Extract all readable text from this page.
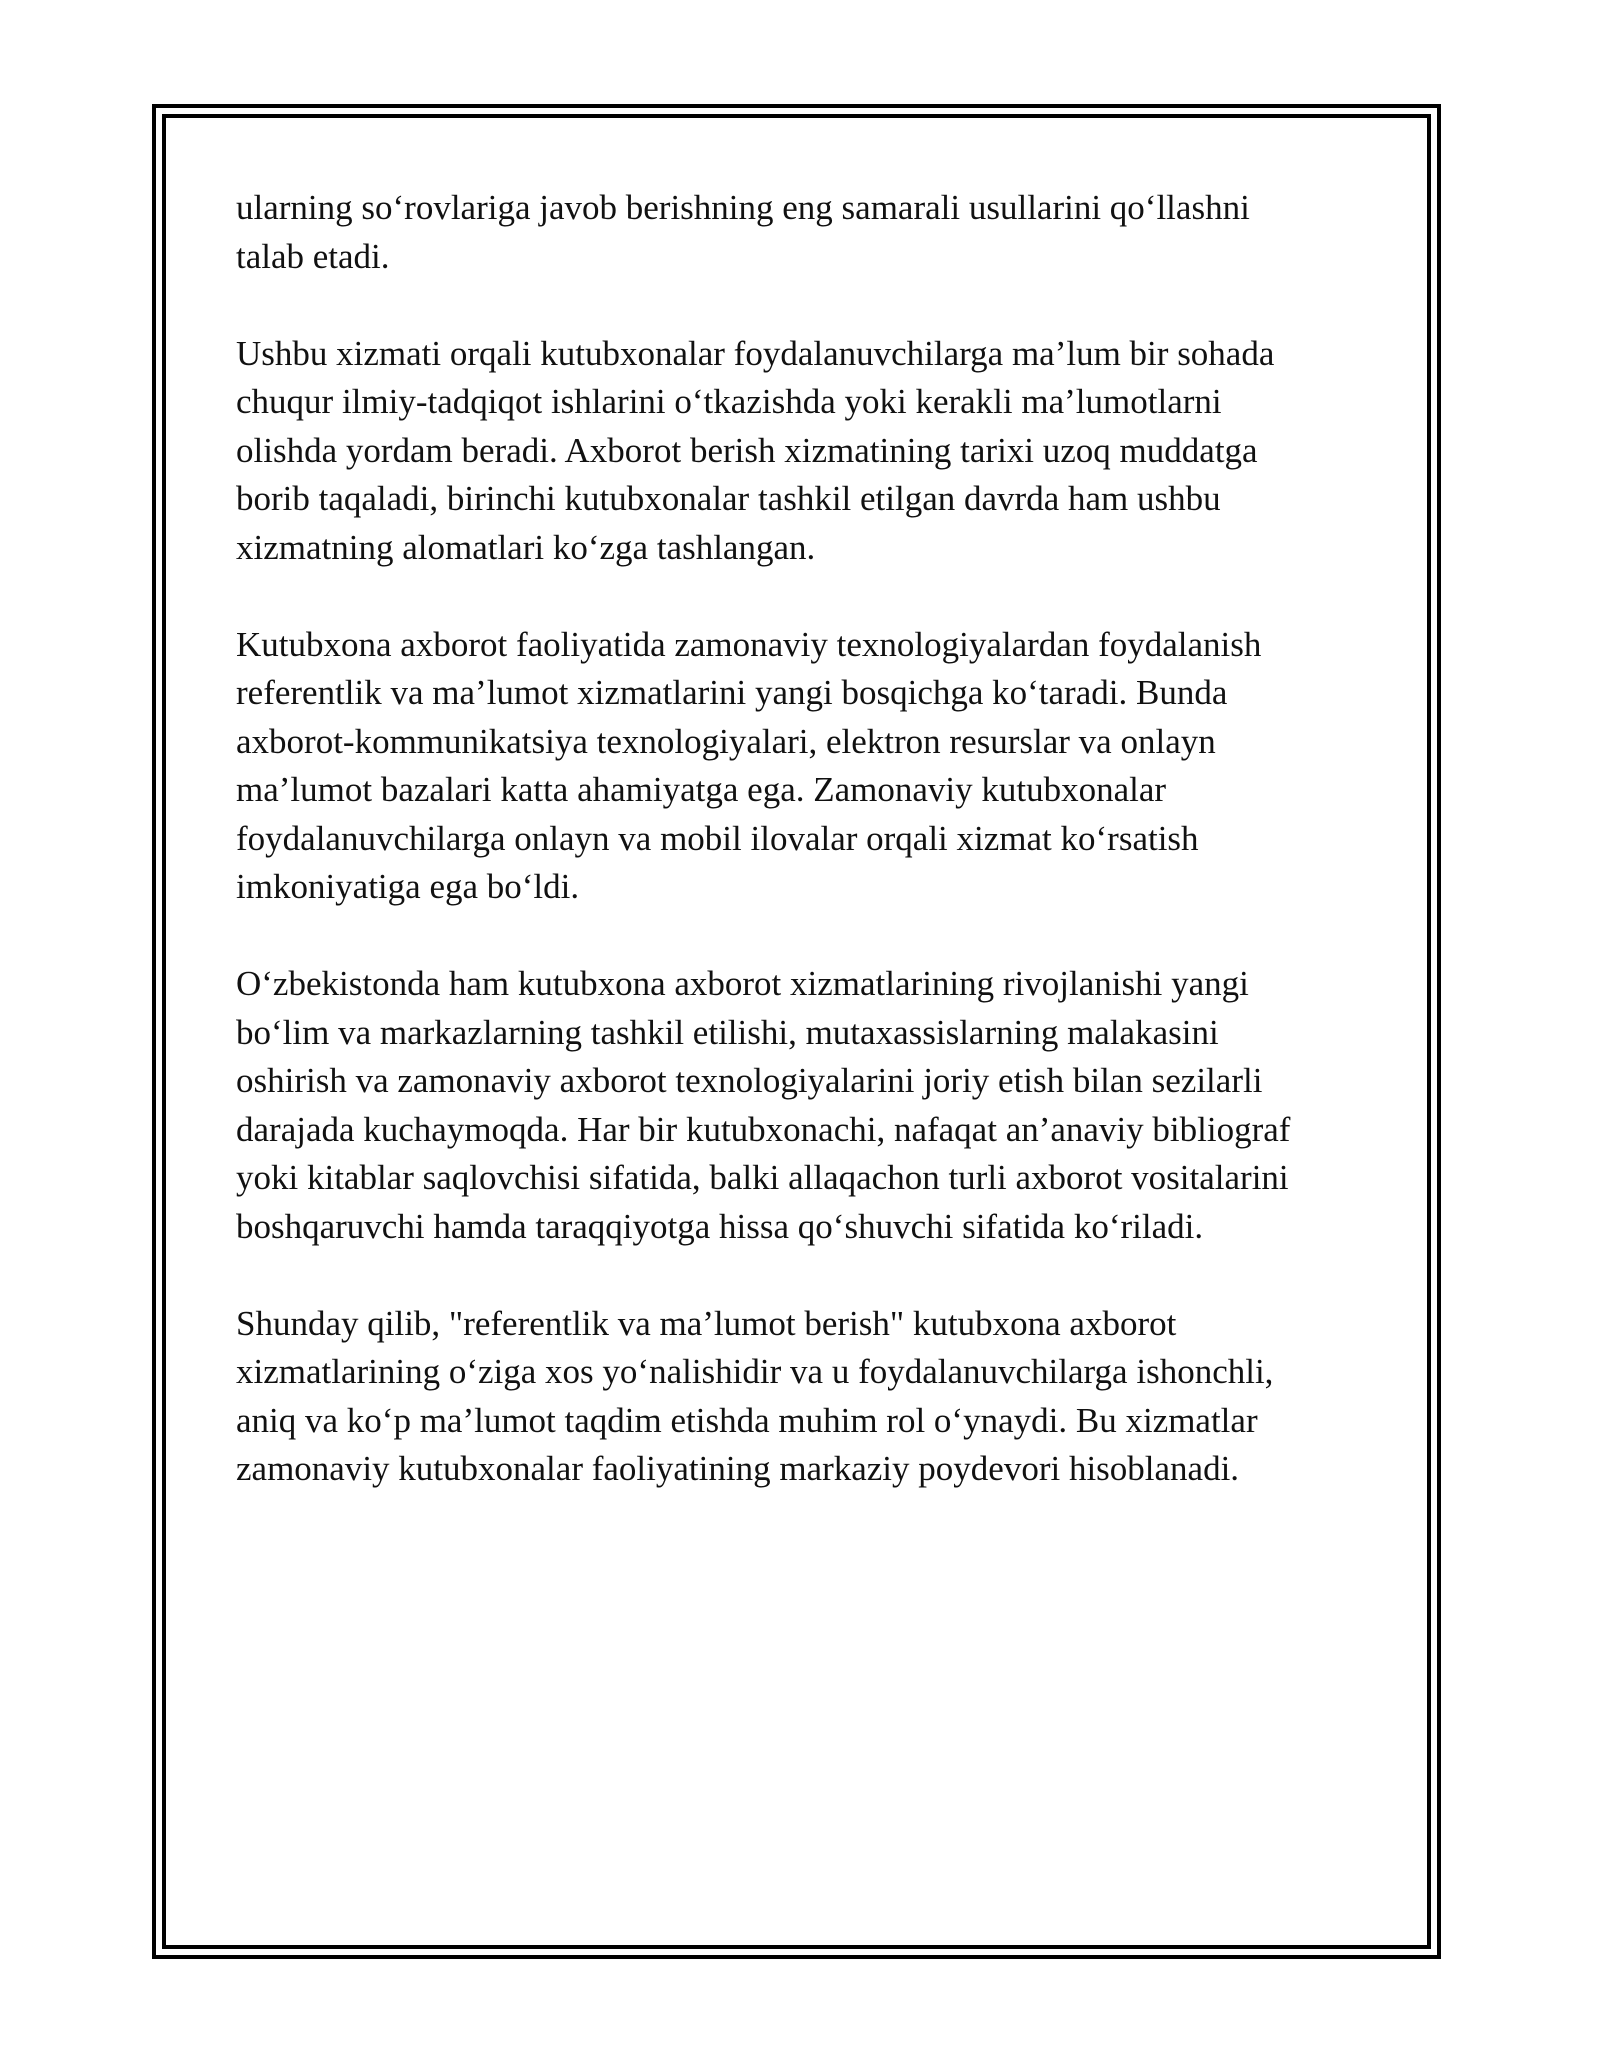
ularning so‘rovlariga javob berishning eng samarali usullarini qo‘llashni
talab etadi.

Ushbu xizmati orqali kutubxonalar foydalanuvchilarga ma’lum bir sohada
chuqur ilmiy-tadqiqot ishlarini o‘tkazishda yoki kerakli ma’lumotlarni
olishda yordam beradi. Axborot berish xizmatining tarixi uzoq muddatga
borib taqaladi, birinchi kutubxonalar tashkil etilgan davrda ham ushbu
xizmatning alomatlari ko‘zga tashlangan.

Kutubxona axborot faoliyatida zamonaviy texnologiyalardan foydalanish
referentlik va ma’lumot xizmatlarini yangi bosqichga ko‘taradi. Bunda
axborot-kommunikatsiya texnologiyalari, elektron resurslar va onlayn
ma’lumot bazalari katta ahamiyatga ega. Zamonaviy kutubxonalar
foydalanuvchilarga onlayn va mobil ilovalar orqali xizmat ko‘rsatish
imkoniyatiga ega bo‘ldi.

O‘zbekistonda ham kutubxona axborot xizmatlarining rivojlanishi yangi
bo‘lim va markazlarning tashkil etilishi, mutaxassislarning malakasini
oshirish va zamonaviy axborot texnologiyalarini joriy etish bilan sezilarli
darajada kuchaymoqda. Har bir kutubxonachi, nafaqat an’anaviy bibliograf
yoki kitablar saqlovchisi sifatida, balki allaqachon turli axborot vositalarini
boshqaruvchi hamda taraqqiyotga hissa qo‘shuvchi sifatida ko‘riladi.

Shunday qilib, "referentlik va ma’lumot berish" kutubxona axborot
xizmatlarining o‘ziga xos yo‘nalishidir va u foydalanuvchilarga ishonchli,
aniq va ko‘p ma’lumot taqdim etishda muhim rol o‘ynaydi. Bu xizmatlar
zamonaviy kutubxonalar faoliyatining markaziy poydevori hisoblanadi.
